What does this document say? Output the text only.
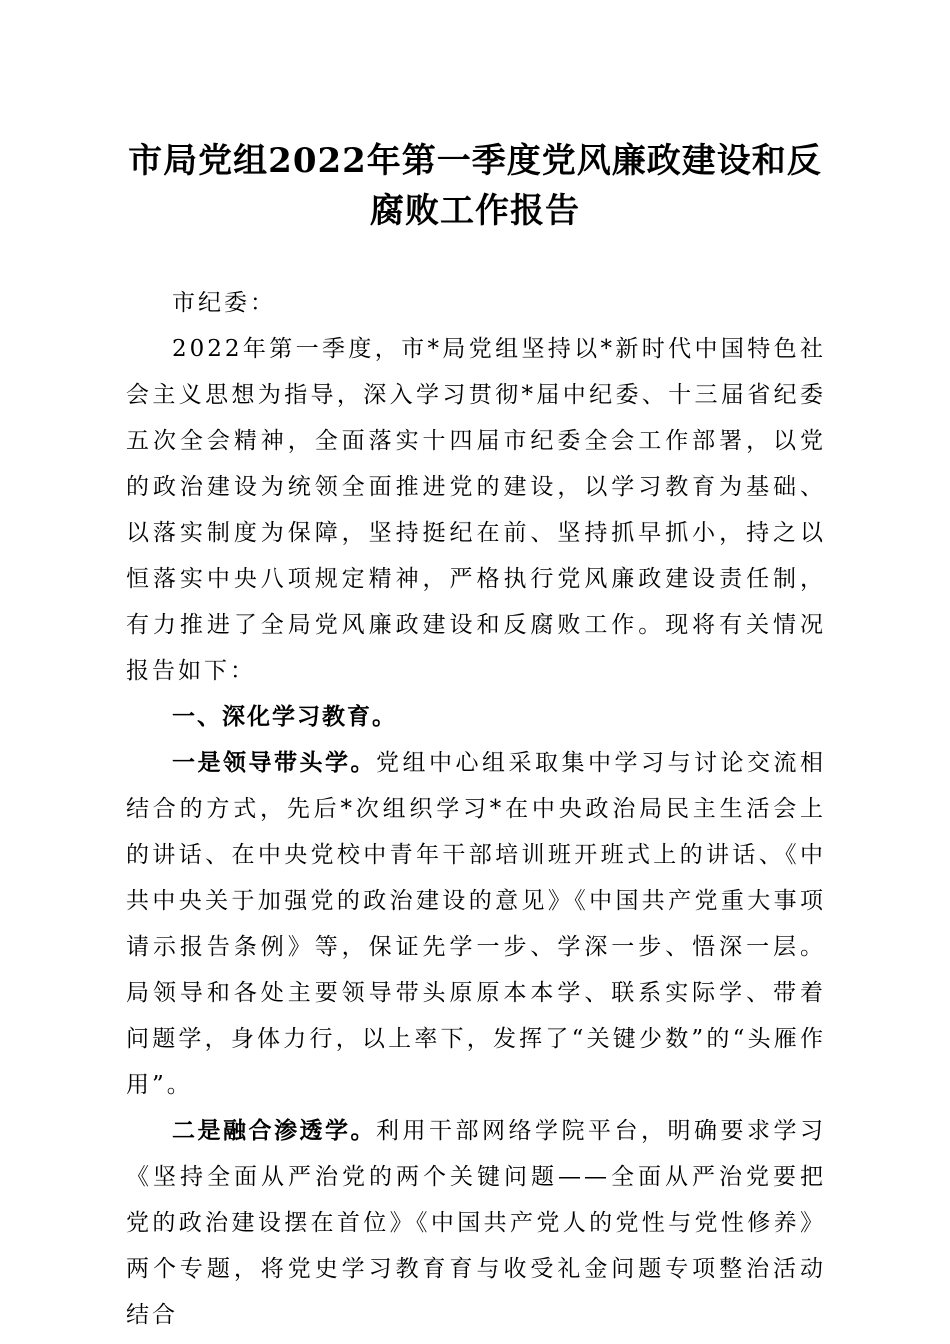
市局党组2022年第一季度党风廉政建设和反
腐败工作报告

市纪委：

2022年第一季度，市*局党组坚持以*新时代中国特色社会主义思想为指导，深入学习贯彻*届中纪委、十三届省纪委五次全会精神，全面落实十四届市纪委全会工作部署，以党的政治建设为统领全面推进党的建设，以学习教育为基础、以落实制度为保障，坚持挺纪在前、坚持抓早抓小，持之以恒落实中央八项规定精神，严格执行党风廉政建设责任制，有力推进了全局党风廉政建设和反腐败工作。现将有关情况报告如下：

一、深化学习教育。

一是领导带头学。党组中心组采取集中学习与讨论交流相结合的方式，先后*次组织学习*在中央政治局民主生活会上的讲话、在中央党校中青年干部培训班开班式上的讲话、《中共中央关于加强党的政治建设的意见》《中国共产党重大事项请示报告条例》等，保证先学一步、学深一步、悟深一层。局领导和各处主要领导带头原原本本学、联系实际学、带着问题学，身体力行，以上率下，发挥了“关键少数”的“头雁作用”。

二是融合渗透学。利用干部网络学院平台，明确要求学习《坚持全面从严治党的两个关键问题——全面从严治党要把党的政治建设摆在首位》《中国共产党人的党性与党性修养》两个专题，将党史学习教育育与收受礼金问题专项整治活动结合
